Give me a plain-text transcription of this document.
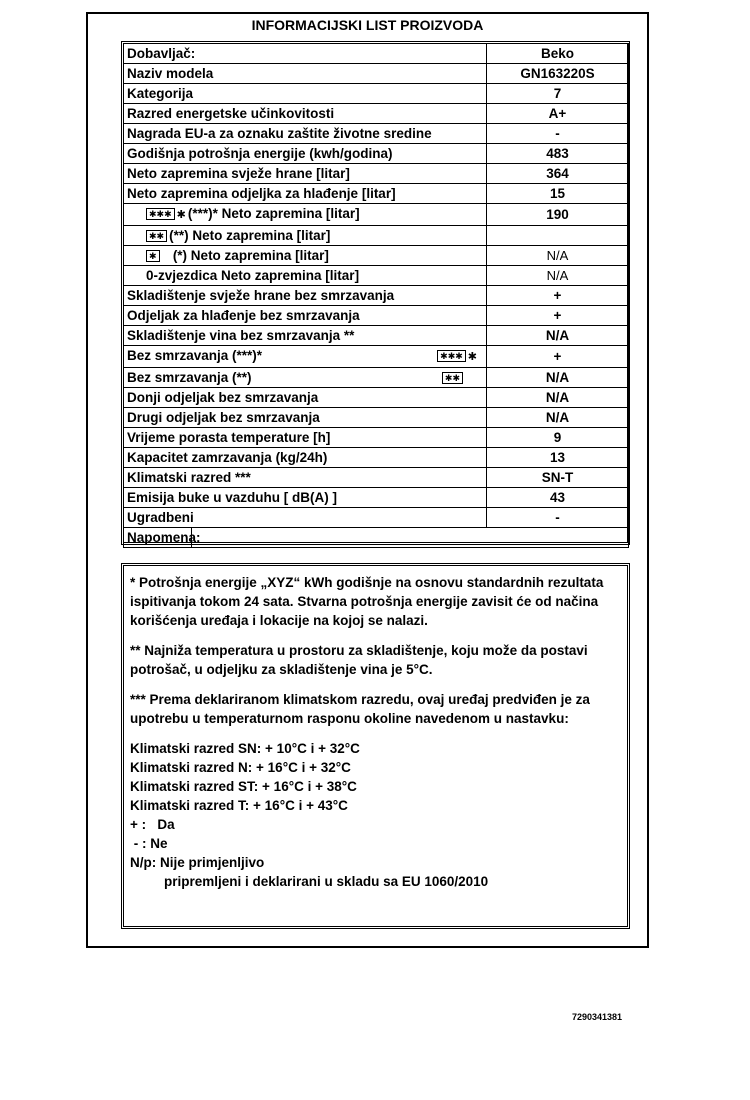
INFORMACIJSKI LIST PROIZVODA
Dobavljač:	Beko
Naziv modela	GN163220S
Kategorija	7
Razred energetske učinkovitosti	A+
Nagrada EU-a za oznaku zaštite životne sredine	-
Godišnja potrošnja energije (kwh/godina)	483
Neto zapremina svježe hrane [litar]	364
Neto zapremina odjeljka za hlađenje [litar]	15
✱✱✱ ✱ (***)* Neto zapremina [litar]	190
✱✱ (**) Neto zapremina [litar]	
✱ (*) Neto zapremina [litar]	N/A
0-zvjezdica Neto zapremina [litar]	N/A
Skladištenje svježe hrane bez smrzavanja	+
Odjeljak za hlađenje bez smrzavanja	+
Skladištenje vina bez smrzavanja **	N/A
Bez smrzavanja (***)* ✱✱✱ ✱	+
Bez smrzavanja (**) ✱✱	N/A
Donji odjeljak bez smrzavanja	N/A
Drugi odjeljak bez smrzavanja	N/A
Vrijeme porasta temperature [h]	9
Kapacitet zamrzavanja (kg/24h)	13
Klimatski razred ***	SN-T
Emisija buke u vazduhu [ dB(A) ]	43
Ugradbeni	-
Napomena:	

* Potrošnja energije „XYZ“ kWh godišnje na osnovu standardnih rezultata ispitivanja tokom 24 sata. Stvarna potrošnja energije zavisit će od načina korišćenja uređaja i lokacije na kojoj se nalazi.

** Najniža temperatura u prostoru za skladištenje, koju može da postavi potrošač, u odjeljku za skladištenje vina je 5°C.

*** Prema deklariranom klimatskom razredu, ovaj uređaj predviđen je za upotrebu u temperaturnom rasponu okoline navedenom u nastavku:

Klimatski razred SN: + 10°C i + 32°C

Klimatski razred N: + 16°C i + 32°C

Klimatski razred ST: + 16°C i + 38°C

Klimatski razred T: + 16°C i + 43°C

+ :   Da

- : Ne

N/p: Nije primjenljivo

pripremljeni i deklarirani u skladu sa EU 1060/2010

7290341381
